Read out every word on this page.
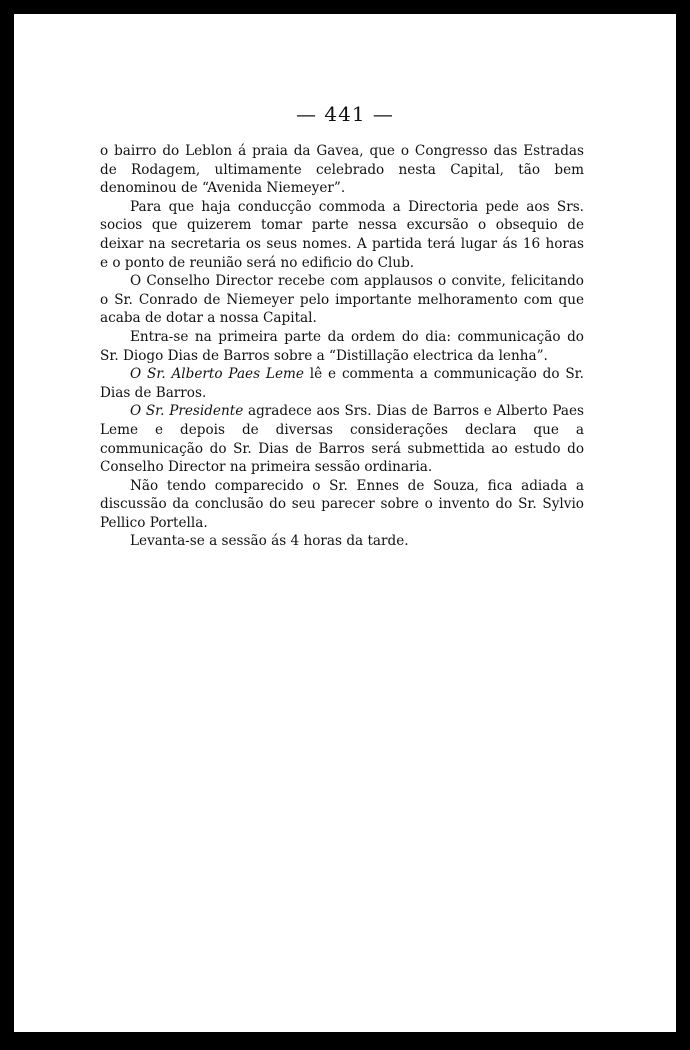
— 441 —

o bairro do Leblon á praia da Gavea, que o Congresso das Estradas de Rodagem, ultimamente celebrado nesta Capital, tão bem denominou de “Avenida Niemeyer”.

Para que haja conducção commoda a Directoria pede aos Srs. socios que quizerem tomar parte nessa excursão o obsequio de deixar na secretaria os seus nomes. A partida terá lugar ás 16 horas e o ponto de reunião será no edificio do Club.

O Conselho Director recebe com applausos o convite, felicitando o Sr. Conrado de Niemeyer pelo importante melhoramento com que acaba de dotar a nossa Capital.

Entra-se na primeira parte da ordem do dia: communicação do Sr. Diogo Dias de Barros sobre a “Distillação electrica da lenha”.

O Sr. Alberto Paes Leme lê e commenta a communicação do Sr. Dias de Barros.

O Sr. Presidente agradece aos Srs. Dias de Barros e Alberto Paes Leme e depois de diversas considerações declara que a communicação do Sr. Dias de Barros será submettida ao estudo do Conselho Director na primeira sessão ordinaria.

Não tendo comparecido o Sr. Ennes de Souza, fica adiada a discussão da conclusão do seu parecer sobre o invento do Sr. Sylvio Pellico Portella.

Levanta-se a sessão ás 4 horas da tarde.
